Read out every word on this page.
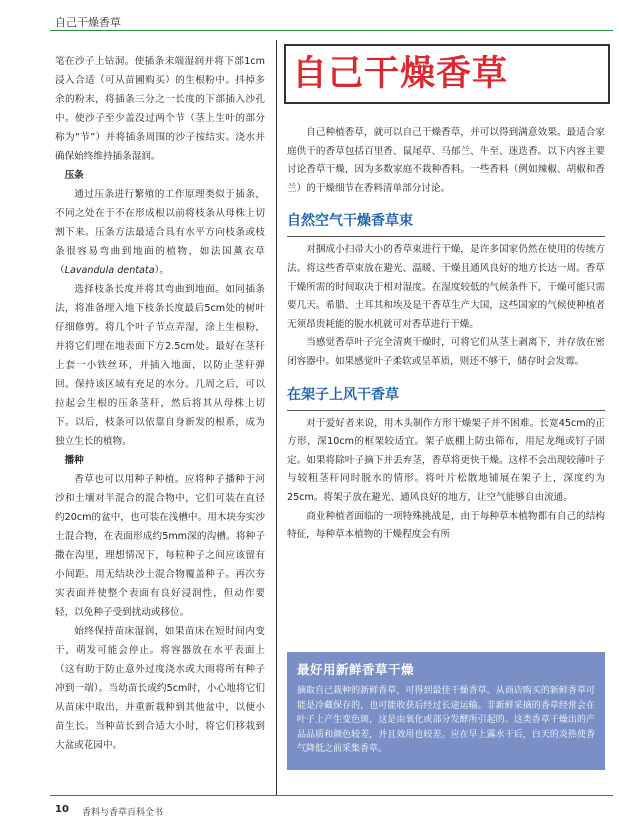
自己干燥香草

笔在沙子上钻洞。使插条末端湿润并将下部1cm浸入合适（可从苗圃购买）的生根粉中。抖掉多余的粉末，将插条三分之一长度的下部插入沙孔中。使沙子至少盖没过两个节（茎上生叶的部分称为“节”）并将插条周围的沙子按结实。浇水并确保始终维持插条湿润。

压条

通过压条进行繁殖的工作原理类似于插条，不同之处在于不在形成根以前将枝条从母株上切割下来。压条方法最适合具有水平方向枝条或枝条很容易弯曲到地面的植物，如法国薰衣草（Lavandula dentata）。

选择枝条长度并将其弯曲到地面。如同插条法，将准备埋入地下枝条长度最后5cm处的树叶仔细修剪。将几个叶子节点弄湿，涂上生根粉，并将它们埋在地表面下方2.5cm处。最好在茎秆上套一小铁丝环，并插入地面，以防止茎秆弹回。保持该区域有充足的水分。几周之后，可以拉起会生根的压条茎秆，然后将其从母株上切下。以后，枝条可以依靠自身新发的根系，成为独立生长的植物。

播种

香草也可以用种子种植。应将种子播种于河沙和土壤对半混合的混合物中，它们可装在直径约20cm的盆中，也可装在浅槽中。用木块夯实沙土混合物，在表面形成约5mm深的沟槽。将种子撒在沟里，理想情况下，每粒种子之间应该留有小间距。用无结块沙土混合物覆盖种子。再次夯实表面并使整个表面有良好浸润性，但动作要轻，以免种子受到扰动或移位。

始终保持苗床湿润，如果苗床在短时间内变干，萌发可能会停止。将容器放在水平表面上（这有助于防止意外过度浇水或大雨将所有种子冲到一端）。当幼苗长成约5cm时，小心地将它们从苗床中取出，并重新栽种到其他盆中，以便小苗生长。当种苗长到合适大小时，将它们移栽到大盆或花园中。

自己干燥香草

自己种植香草，就可以自己干燥香草，并可以得到满意效果。最适合家庭供干的香草包括百里香、鼠尾草、马郁兰、牛至、迷迭香。以下内容主要讨论香草干燥，因为多数家庭不栽种香料。一些香料（例如辣椒、胡椒和香兰）的干燥细节在香料清单部分讨论。

自然空气干燥香草束

对捆成小扫帚大小的香草束进行干燥，是许多国家仍然在使用的传统方法。将这些香草束放在避光、温暖、干燥且通风良好的地方长达一周。香草干燥所需的时间取决于相对湿度。在湿度较低的气候条件下，干燥可能只需要几天。希腊、土耳其和埃及是干香草生产大国，这些国家的气候使种植者无须昂贵耗能的脱水机就可对香草进行干燥。

当感觉香草叶子完全清爽干燥时，可将它们从茎上剥离下，并存放在密闭容器中。如果感觉叶子柔软或呈革质，则还不够干，储存时会发霉。

在架子上风干香草

对于爱好者来说，用木头制作方形干燥架子并不困难。长宽45cm的正方形，深10cm的框架较适宜。架子底棚上防虫筛布，用尼龙绳或钉子固定。如果将除叶子摘下并丢弃茎，香草将更快干燥。这样不会出现较薄叶子与较粗茎秆同时脱水的情形。将叶片松散地铺展在架子上，深度约为25cm。将架子放在避光、通风良好的地方，让空气能够自由流通。

商业种植者面临的一项特殊挑战是，由于每种草本植物都有自己的结构特征，每种草本植物的干燥程度会有所

最好用新鲜香草干燥

摘取自己栽种的新鲜香草，可得到最佳干燥香草。从商店购买的新鲜香草可能是冷藏保存的，也可能收获后经过长途运输。非新鲜采摘的香草经常会在叶子上产生变色斑，这是由氧化或部分发酵所引起的。这类香草干燥出的产品品质和颜色较差，并且效用也较差。应在早上露水干后，白天的炎热使香气降低之前采集香草。

10 香料与香草百科全书
